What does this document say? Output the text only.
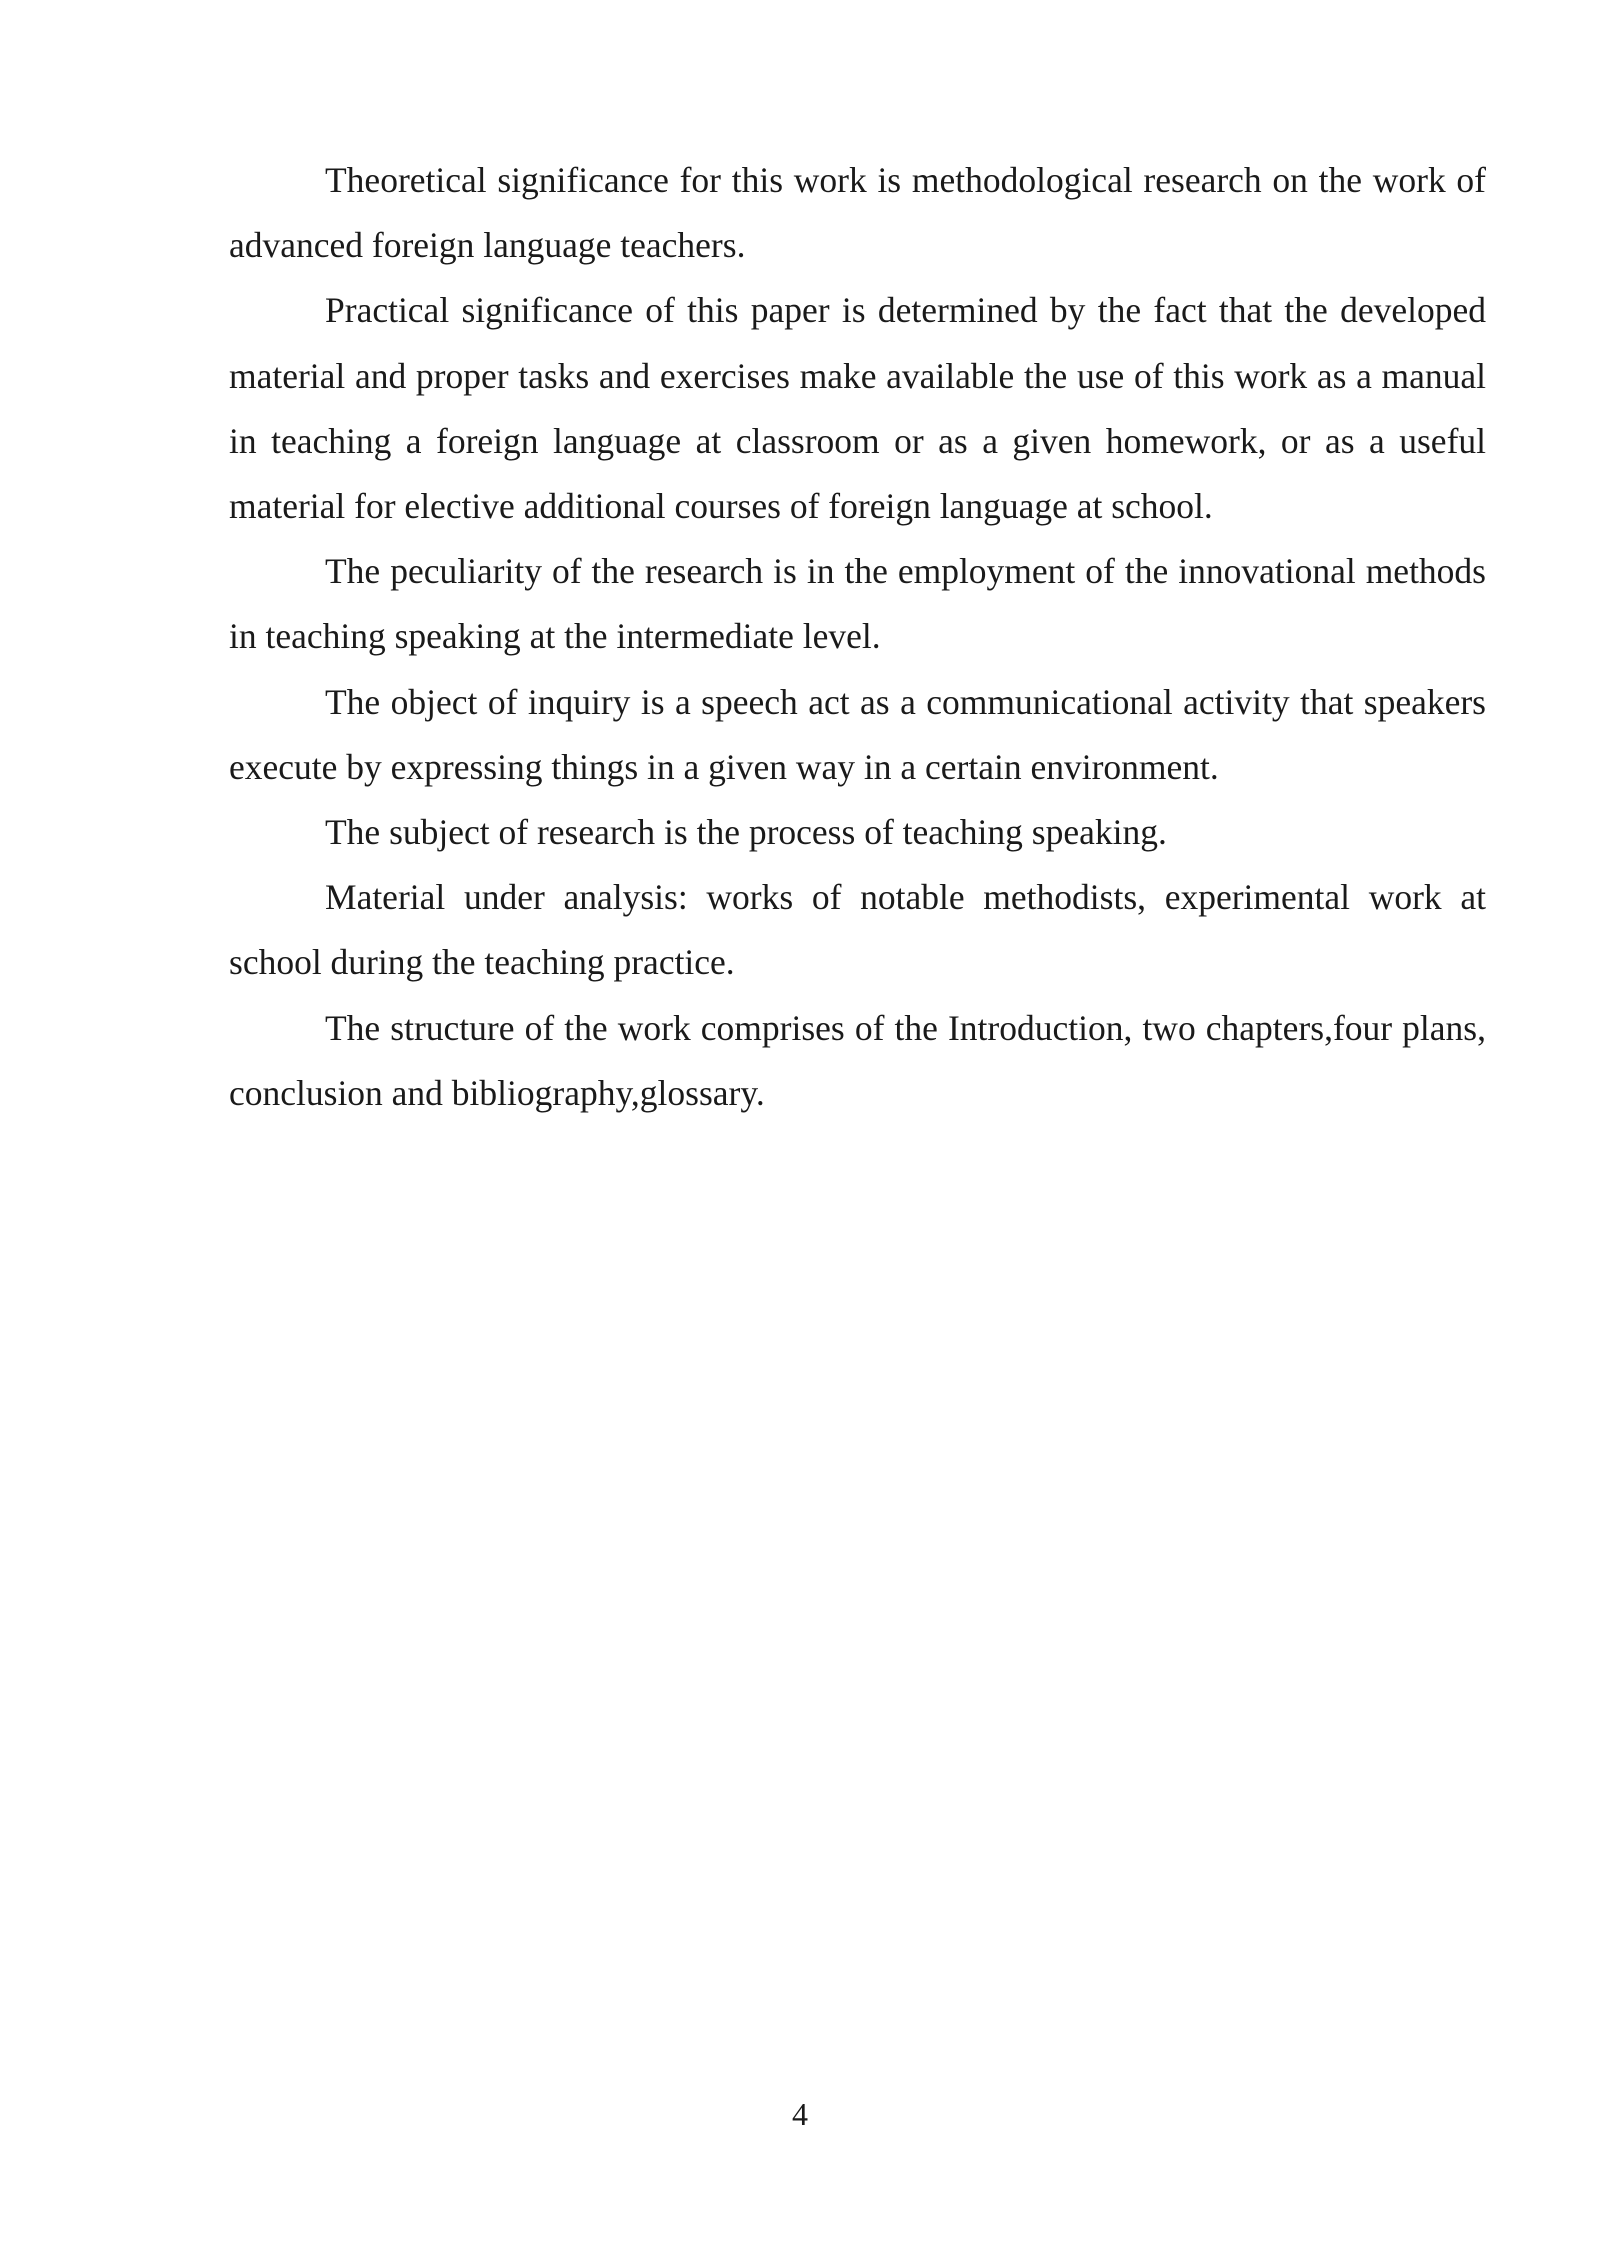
Theoretical significance for this work is methodological research on the work of advanced foreign language teachers.

Practical significance of this paper is determined by the fact that the developed material and proper tasks and exercises make available the use of this work as a manual in teaching a foreign language at classroom or as a given homework, or as a useful material for elective additional courses of foreign language at school.

The peculiarity of the research is in the employment of the innovational methods in teaching speaking at the intermediate level.

The object of inquiry is a speech act as a communicational activity that speakers execute by expressing things in a given way in a certain environment.

The subject of research is the process of teaching speaking.

Material under analysis: works of notable methodists, experimental work at school during the teaching practice.

The structure of the work comprises of the Introduction, two chapters,four plans, conclusion and bibliography,glossary.

4
